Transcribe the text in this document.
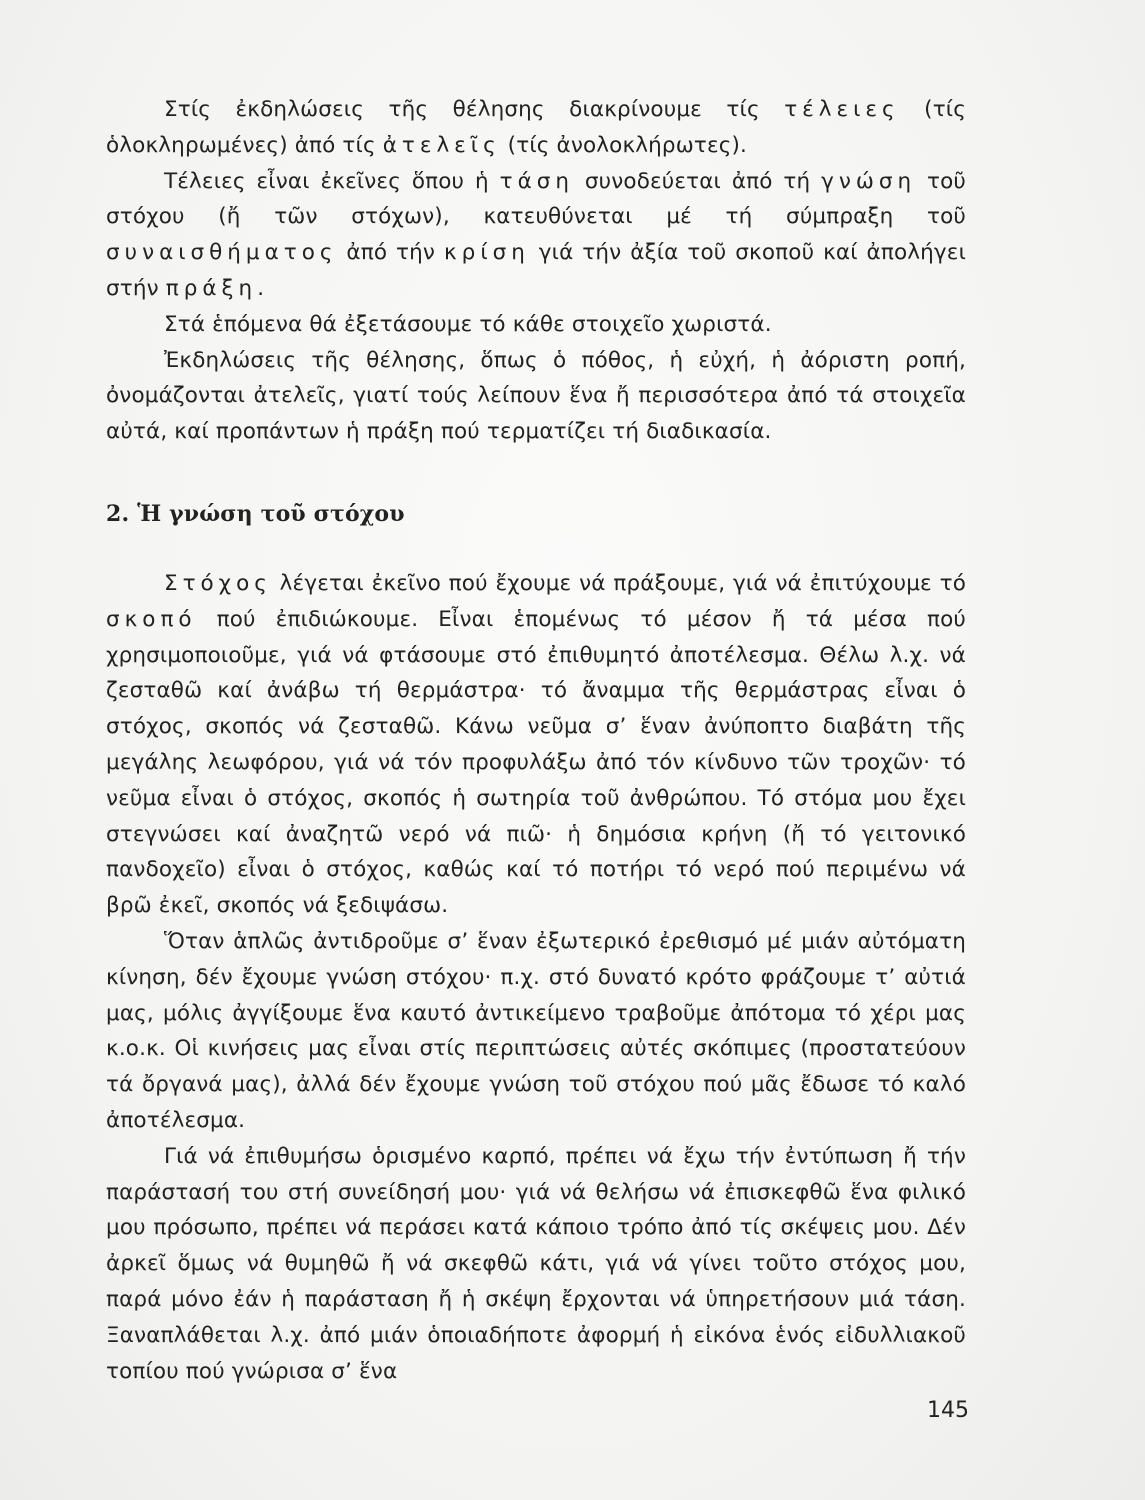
Στίς ἐκδηλώσεις τῆς θέλησης διακρίνουμε τίς τέλειες (τίς ὁλοκληρωμένες) ἀπό τίς ἀτελεῖς (τίς ἀνολοκλήρωτες).

Τέλειες εἶναι ἐκεῖνες ὅπου ἡ τάση συνοδεύεται ἀπό τή γνώση τοῦ στόχου (ἤ τῶν στόχων), κατευθύνεται μέ τή σύμπραξη τοῦ συναισθήματος ἀπό τήν κρίση γιά τήν ἀξία τοῦ σκοποῦ καί ἀπολήγει στήν πράξη.

Στά ἑπόμενα θά ἐξετάσουμε τό κάθε στοιχεῖο χωριστά.

Ἐκδηλώσεις τῆς θέλησης, ὅπως ὁ πόθος, ἡ εὐχή, ἡ ἀόριστη ροπή, ὀνομάζονται ἀτελεῖς, γιατί τούς λείπουν ἕνα ἤ περισσότερα ἀπό τά στοιχεῖα αὐτά, καί προπάντων ἡ πράξη πού τερματίζει τή διαδικασία.

2. Ἡ γνώση τοῦ στόχου

Στόχος λέγεται ἐκεῖνο πού ἔχουμε νά πράξουμε, γιά νά ἐπιτύχουμε τό σκοπό πού ἐπιδιώκουμε. Εἶναι ἑπομένως τό μέσον ἤ τά μέσα πού χρησιμοποιοῦμε, γιά νά φτάσουμε στό ἐπιθυμητό ἀποτέλεσμα. Θέλω λ.χ. νά ζεσταθῶ καί ἀνάβω τή θερμάστρα· τό ἄναμμα τῆς θερμάστρας εἶναι ὁ στόχος, σκοπός νά ζεσταθῶ. Κάνω νεῦμα σ’ ἕναν ἀνύποπτο διαβάτη τῆς μεγάλης λεωφόρου, γιά νά τόν προφυλάξω ἀπό τόν κίνδυνο τῶν τροχῶν· τό νεῦμα εἶναι ὁ στόχος, σκοπός ἡ σωτηρία τοῦ ἀνθρώπου. Τό στόμα μου ἔχει στεγνώσει καί ἀναζητῶ νερό νά πιῶ· ἡ δημόσια κρήνη (ἤ τό γειτονικό πανδοχεῖο) εἶναι ὁ στόχος, καθώς καί τό ποτήρι τό νερό πού περιμένω νά βρῶ ἐκεῖ, σκοπός νά ξεδιψάσω.

Ὅταν ἁπλῶς ἀντιδροῦμε σ’ ἕναν ἐξωτερικό ἐρεθισμό μέ μιάν αὐτόματη κίνηση, δέν ἔχουμε γνώση στόχου· π.χ. στό δυνατό κρότο φράζουμε τ’ αὐτιά μας, μόλις ἀγγίξουμε ἕνα καυτό ἀντικείμενο τραβοῦμε ἀπότομα τό χέρι μας κ.ο.κ. Οἱ κινήσεις μας εἶναι στίς περιπτώσεις αὐτές σκόπιμες (προστατεύουν τά ὄργανά μας), ἀλλά δέν ἔχουμε γνώση τοῦ στόχου πού μᾶς ἔδωσε τό καλό ἀποτέλεσμα.

Γιά νά ἐπιθυμήσω ὁρισμένο καρπό, πρέπει νά ἔχω τήν ἐντύπωση ἤ τήν παράστασή του στή συνείδησή μου· γιά νά θελήσω νά ἐπισκεφθῶ ἕνα φιλικό μου πρόσωπο, πρέπει νά περάσει κατά κάποιο τρόπο ἀπό τίς σκέψεις μου. Δέν ἀρκεῖ ὅμως νά θυμηθῶ ἤ νά σκεφθῶ κάτι, γιά νά γίνει τοῦτο στόχος μου, παρά μόνο ἐάν ἡ παράσταση ἤ ἡ σκέψη ἔρχονται νά ὑπηρετήσουν μιά τάση. Ξαναπλάθεται λ.χ. ἀπό μιάν ὁποιαδήποτε ἀφορμή ἡ εἰκόνα ἑνός εἰδυλλιακοῦ τοπίου πού γνώρισα σ’ ἕνα

145
